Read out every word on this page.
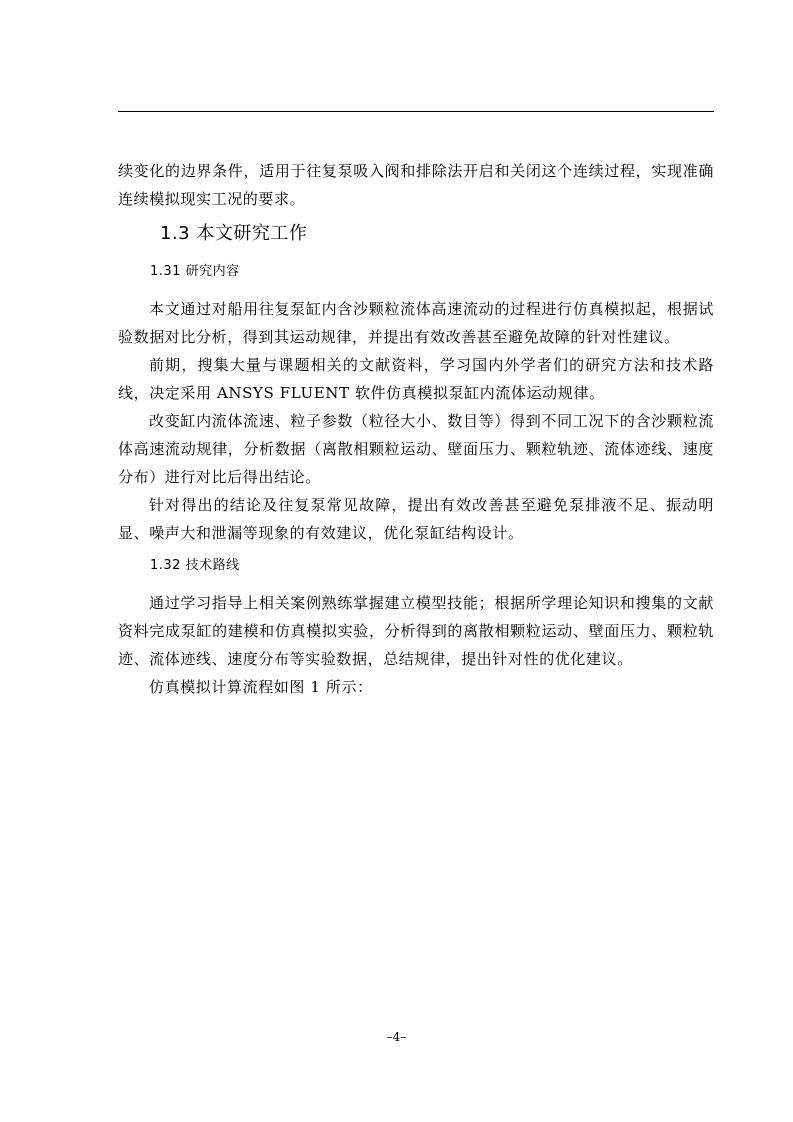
续变化的边界条件，适用于往复泵吸入阀和排除法开启和关闭这个连续过程，实现准确连续模拟现实工况的要求。

1.3 本文研究工作
1.31 研究内容

本文通过对船用往复泵缸内含沙颗粒流体高速流动的过程进行仿真模拟起，根据试验数据对比分析，得到其运动规律，并提出有效改善甚至避免故障的针对性建议。

前期，搜集大量与课题相关的文献资料，学习国内外学者们的研究方法和技术路线，决定采用 ANSYS FLUENT 软件仿真模拟泵缸内流体运动规律。

改变缸内流体流速、粒子参数（粒径大小、数目等）得到不同工况下的含沙颗粒流体高速流动规律，分析数据（离散相颗粒运动、壁面压力、颗粒轨迹、流体迹线、速度分布）进行对比后得出结论。

针对得出的结论及往复泵常见故障，提出有效改善甚至避免泵排液不足、振动明显、噪声大和泄漏等现象的有效建议，优化泵缸结构设计。

1.32 技术路线

通过学习指导上相关案例熟练掌握建立模型技能；根据所学理论知识和搜集的文献资料完成泵缸的建模和仿真模拟实验，分析得到的离散相颗粒运动、壁面压力、颗粒轨迹、流体迹线、速度分布等实验数据，总结规律，提出针对性的优化建议。

仿真模拟计算流程如图 1 所示：

–4–
